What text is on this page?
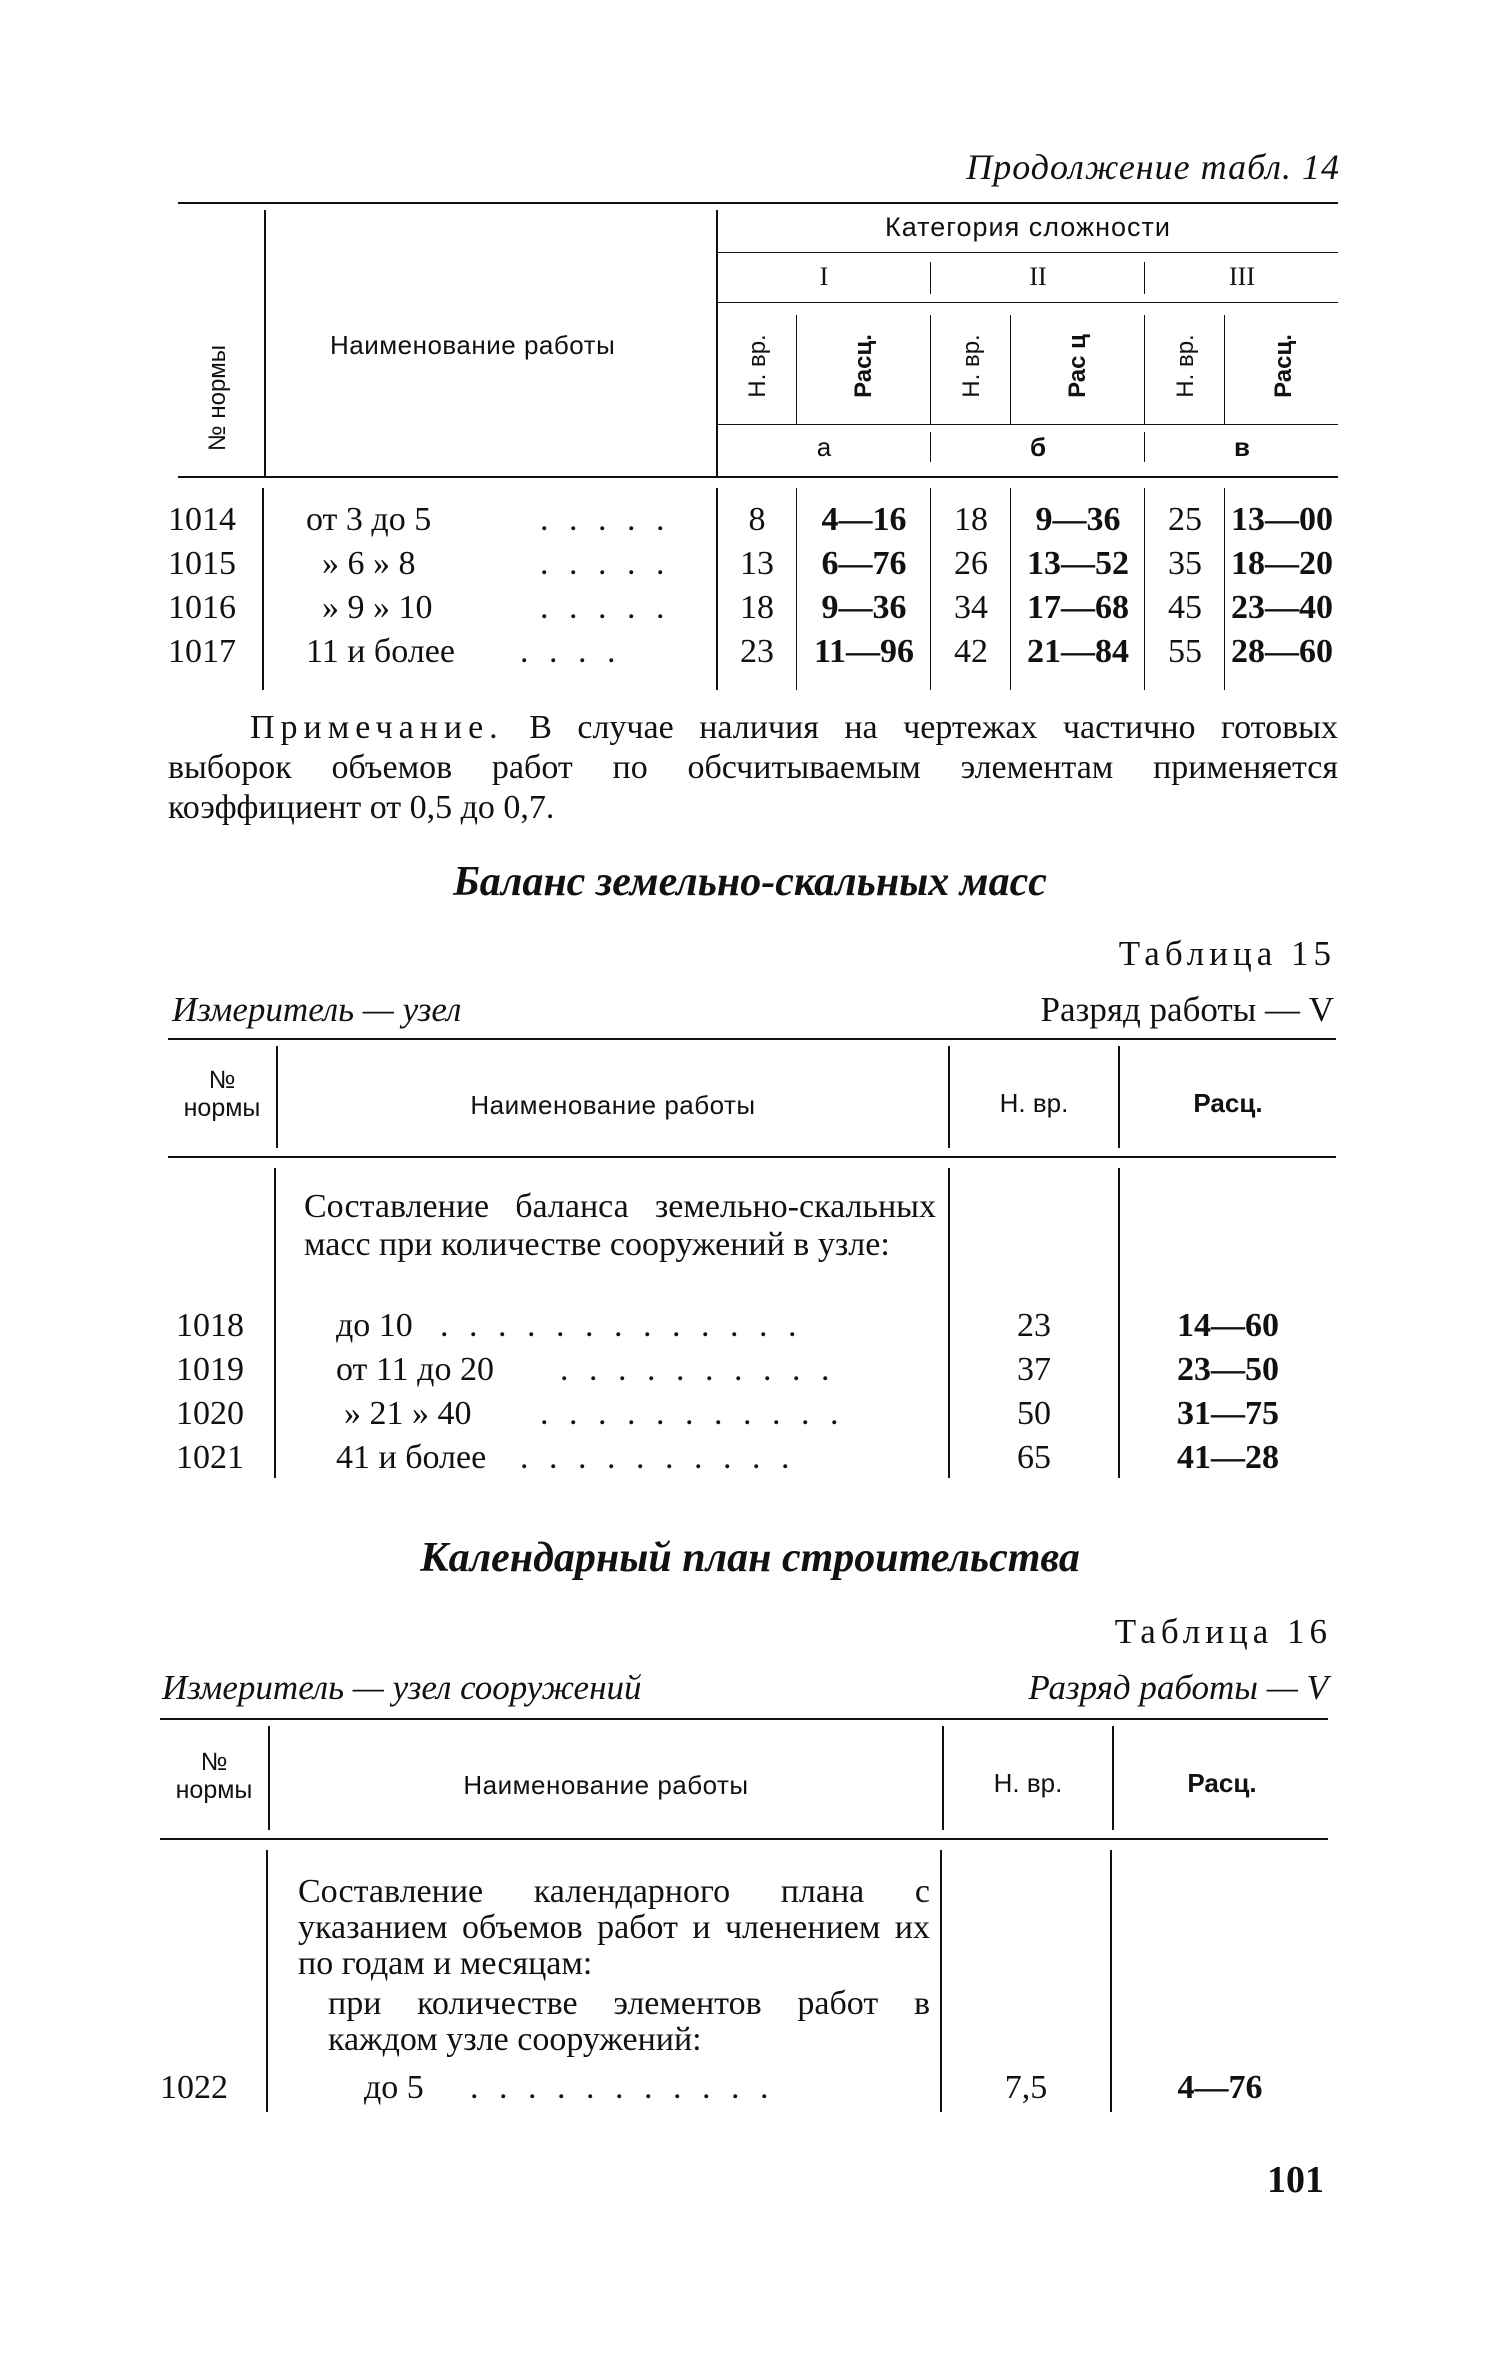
Продолжение табл. 14
№ нормы	Наименование работы
Категория сложности
I	II	III
Н. вр.	Расц.	Н. вр.	Рас ц	Н. вр.	Расц.
а	б	в
1014	от 3 до 5	. . . . .	8	4—16	18	9—36	25 13—00
1015	» 6 » 8	. . . . .	13	6—76	26	13—52	35 18—20
1016	» 9 » 10	. . . . .	18	9—36	34	17—68	45 23—40
1017	11 и более . . . .	23	11—96	42	21—84	55 28—60
Примечание. В случае наличия на чертежах частично готовых выборок объемов работ по обсчитываемым элементам применяется коэффициент от 0,5 до 0,7.
Баланс земельно-скальных масс
Таблица 15
Измеритель — узел	Разряд работы — V
№
нормы	Наименование работы	Н. вр.	Расц.
Составление баланса земельно-скальных масс при количестве сооружений в узле:
1018	до 10 . . . . . . . . . . . . .	23	14—60
1019	от 11 до 20 . . . . . . . . . .	37	23—50
1020	» 21 » 40 . . . . . . . . . . .	50	31—75
1021	41 и более . . . . . . . . . .	65	41—28
Календарный план строительства
Таблица 16
Измеритель — узел сооружений	Разряд работы — V
№
нормы	Наименование работы	Н. вр.	Расц.
Составление календарного плана с указанием объемов работ и членением их по годам и месяцам:
при количестве элементов работ в каждом узле сооружений:
1022	до 5 . . . . . . . . . . .	7,5	4—76
101
